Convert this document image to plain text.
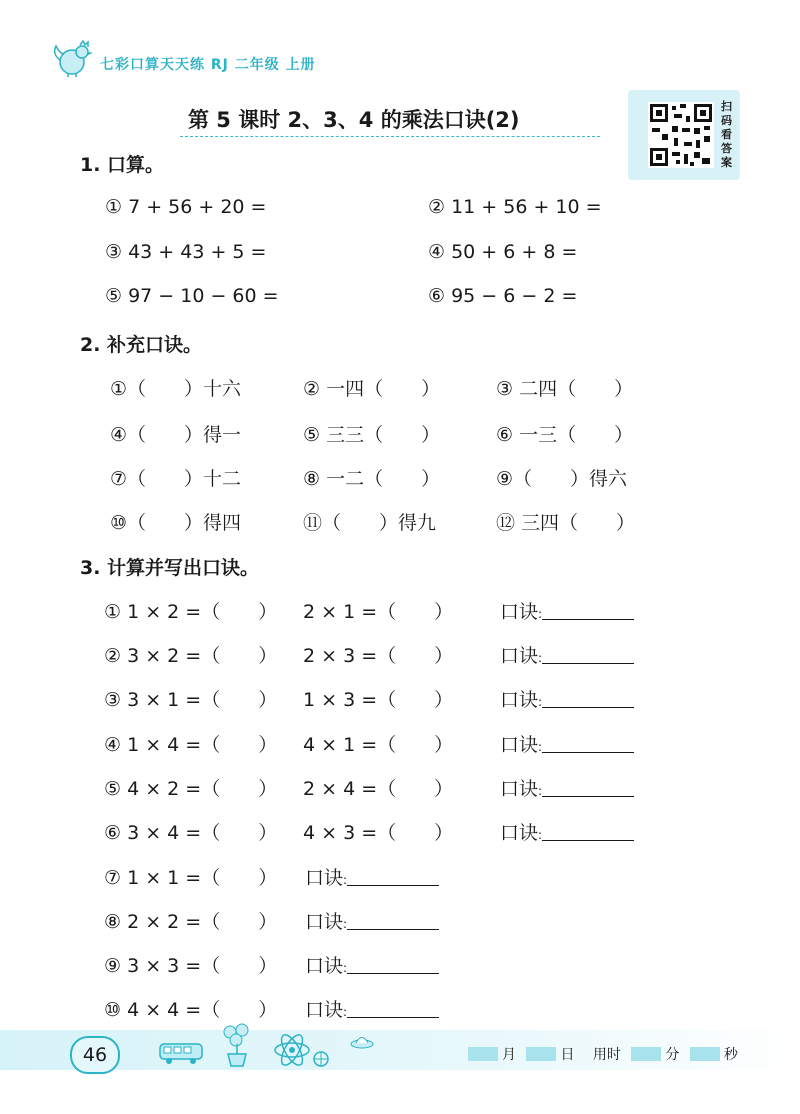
七彩口算天天练 RJ 二年级 上册
第 5 课时 2、3、4 的乘法口诀(2)
扫码看答案
1. 口算。
① 7 + 56 + 20 =	② 11 + 56 + 10 =
③ 43 + 43 + 5 =	④ 50 + 6 + 8 =
⑤ 97 − 10 − 60 =	⑥ 95 − 6 − 2 =
2. 补充口诀。
①（　　）十六	② 一四（　　）	③ 二四（　　）
④（　　）得一	⑤ 三三（　　）	⑥ 一三（　　）
⑦（　　）十二	⑧ 一二（　　）	⑨（　　）得六
⑩（　　）得四	⑪（　　）得九	⑫ 三四（　　）
3. 计算并写出口诀。
① 1 × 2 =（　　） 2 × 1 =（　　） 口诀:
② 3 × 2 =（　　） 2 × 3 =（　　） 口诀:
③ 3 × 1 =（　　） 1 × 3 =（　　） 口诀:
④ 1 × 4 =（　　） 4 × 1 =（　　） 口诀:
⑤ 4 × 2 =（　　） 2 × 4 =（　　） 口诀:
⑥ 3 × 4 =（　　） 4 × 3 =（　　） 口诀:
⑦ 1 × 1 =（　　） 口诀:
⑧ 2 × 2 =（　　） 口诀:
⑨ 3 × 3 =（　　） 口诀:
⑩ 4 × 4 =（　　） 口诀:
46	月	日 用时	分	秒
